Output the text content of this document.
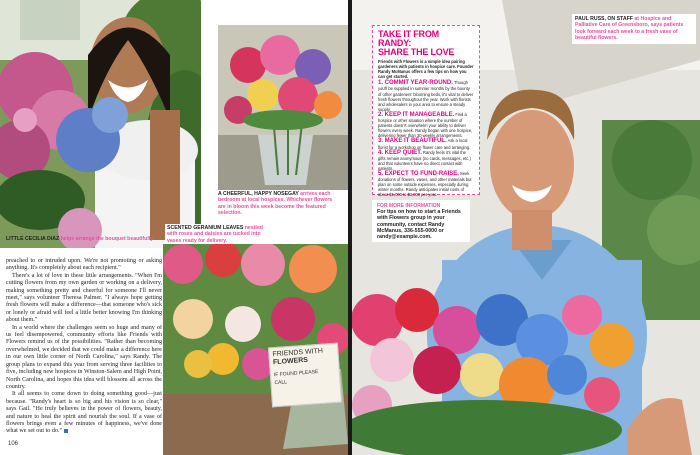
LITTLE CECILIA DIAZ helps arrange the bouquet beautifully.
A CHEERFUL, HAPPY NOSEGAY arrives each bedroom at local hospices. Whichever flowers are in bloom this week become the featured selection.
SCENTED GERANIUM LEAVES nestled with roses and daisies are tucked into vases ready for delivery.
FRIENDS WITH
FLOWERS
IF FOUND PLEASE
CALL

preached to or intruded upon. We're not promoting or asking anything. It's completely about each recipient."

There's a lot of love in these little arrangements. "When I'm cutting flowers from my own garden or working on a delivery, making something pretty and cheerful for someone I'll never meet," says volunteer Theresa Palmer. "I always hope getting fresh flowers will make a difference—that someone who's sick or lonely or afraid will feel a little better knowing I'm thinking about them."

In a world where the challenges seem so huge and many of us feel disempowered, community efforts like Friends with Flowers remind us of the possibilities. "Rather than becoming overwhelmed, we decided that we could make a difference here in our own little corner of North Carolina," says Randy. The group plans to expand this year from serving three facilities to five, including new hospices in Winston-Salem and High Point, North Carolina, and hopes this idea will blossom all across the country.

It all seems to come down to doing something good—just because. "Randy's heart is so big and his vision is so clear," says Gail. "He truly believes in the power of flowers, beauty, and nature to heal the spirit and nourish the soul. If a vase of flowers brings even a few minutes of happiness, we've done what we set out to do."

106
TAKE IT FROM RANDY:
SHARE THE LOVE

Friends with Flowers is a simple idea pairing gardeners with patients in hospice care. Founder Randy McManus offers a few tips on how you can get started.

1. COMMIT YEAR-ROUND. Though you'll be supplied in summer months by the bounty of other gardeners' blooming beds, it's vital to deliver fresh flowers throughout the year. Work with florists and wholesalers in your area to ensure a steady supply.

2. KEEP IT MANAGEABLE. Find a hospice or other situation where the number of patients doesn't overwhelm your ability to deliver flowers every week. Randy began with one hospice, delivering fewer than 30 weekly arrangements.

3. MAKE IT BEAUTIFUL. Ask a local florist for a workshop on flower care and arranging.

4. KEEP QUIET. Randy feels it's vital the gifts remain anonymous (no cards, messages, etc.) and that volunteers have no direct contact with patients.

5. EXPECT TO FUND-RAISE. Seek donations of flowers, vases, and other materials but plan on some outside expenses, especially during winter months. Randy anticipates initial costs of about $1,000 to $2,000 per year.

FOR MORE INFORMATION
For tips on how to start a Friends with Flowers group in your community, contact Randy McManus, 336-555-0000 or randy@example.com.
PAUL RUSS, ON STAFF at Hospice and Palliative Care of Greensboro, says patients look forward each week to a fresh vase of beautiful flowers.
